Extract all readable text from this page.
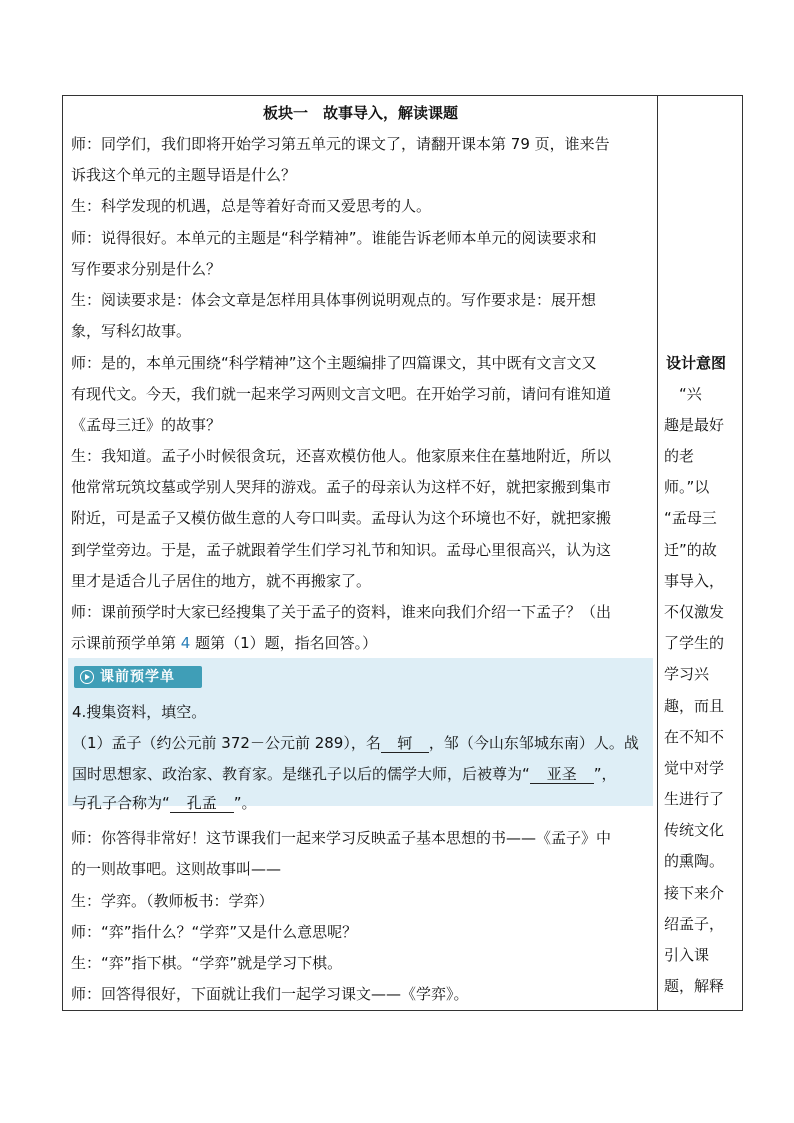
板块一　故事导入，解读课题
师：同学们，我们即将开始学习第五单元的课文了，请翻开课本第 79 页，谁来告
诉我这个单元的主题导语是什么？
生：科学发现的机遇，总是等着好奇而又爱思考的人。
师：说得很好。本单元的主题是“科学精神”。谁能告诉老师本单元的阅读要求和
写作要求分别是什么？
生：阅读要求是：体会文章是怎样用具体事例说明观点的。写作要求是：展开想
象，写科幻故事。
师：是的，本单元围绕“科学精神”这个主题编排了四篇课文，其中既有文言文又
有现代文。今天，我们就一起来学习两则文言文吧。在开始学习前，请问有谁知道
《孟母三迁》的故事？
生：我知道。孟子小时候很贪玩，还喜欢模仿他人。他家原来住在墓地附近，所以
他常常玩筑坟墓或学别人哭拜的游戏。孟子的母亲认为这样不好，就把家搬到集市
附近，可是孟子又模仿做生意的人夸口叫卖。孟母认为这个环境也不好，就把家搬
到学堂旁边。于是，孟子就跟着学生们学习礼节和知识。孟母心里很高兴，认为这
里才是适合儿子居住的地方，就不再搬家了。
师：课前预学时大家已经搜集了关于孟子的资料，谁来向我们介绍一下孟子？（出
示课前预学单第 4 题第（1）题，指名回答。）
课前预学单
4.搜集资料，填空。
（1）孟子（约公元前 372－公元前 289），名 轲 ，邹（今山东邹城东南）人。战
国时思想家、政治家、教育家。是继孔子以后的儒学大师，后被尊为“ 亚圣 ”，
与孔子合称为“ 孔孟 ”。
师：你答得非常好！这节课我们一起来学习反映孟子基本思想的书——《孟子》中
的一则故事吧。这则故事叫——
生：学弈。（教师板书：学弈）
师：“弈”指什么？“学弈”又是什么意思呢？
生：“弈”指下棋。“学弈”就是学习下棋。
师：回答得很好，下面就让我们一起学习课文——《学弈》。
设计意图
　“兴
趣是最好
的老
师。”以
“孟母三
迁”的故
事导入，
不仅激发
了学生的
学习兴
趣，而且
在不知不
觉中对学
生进行了
传统文化
的熏陶。
接下来介
绍孟子，
引入课
题，解释
